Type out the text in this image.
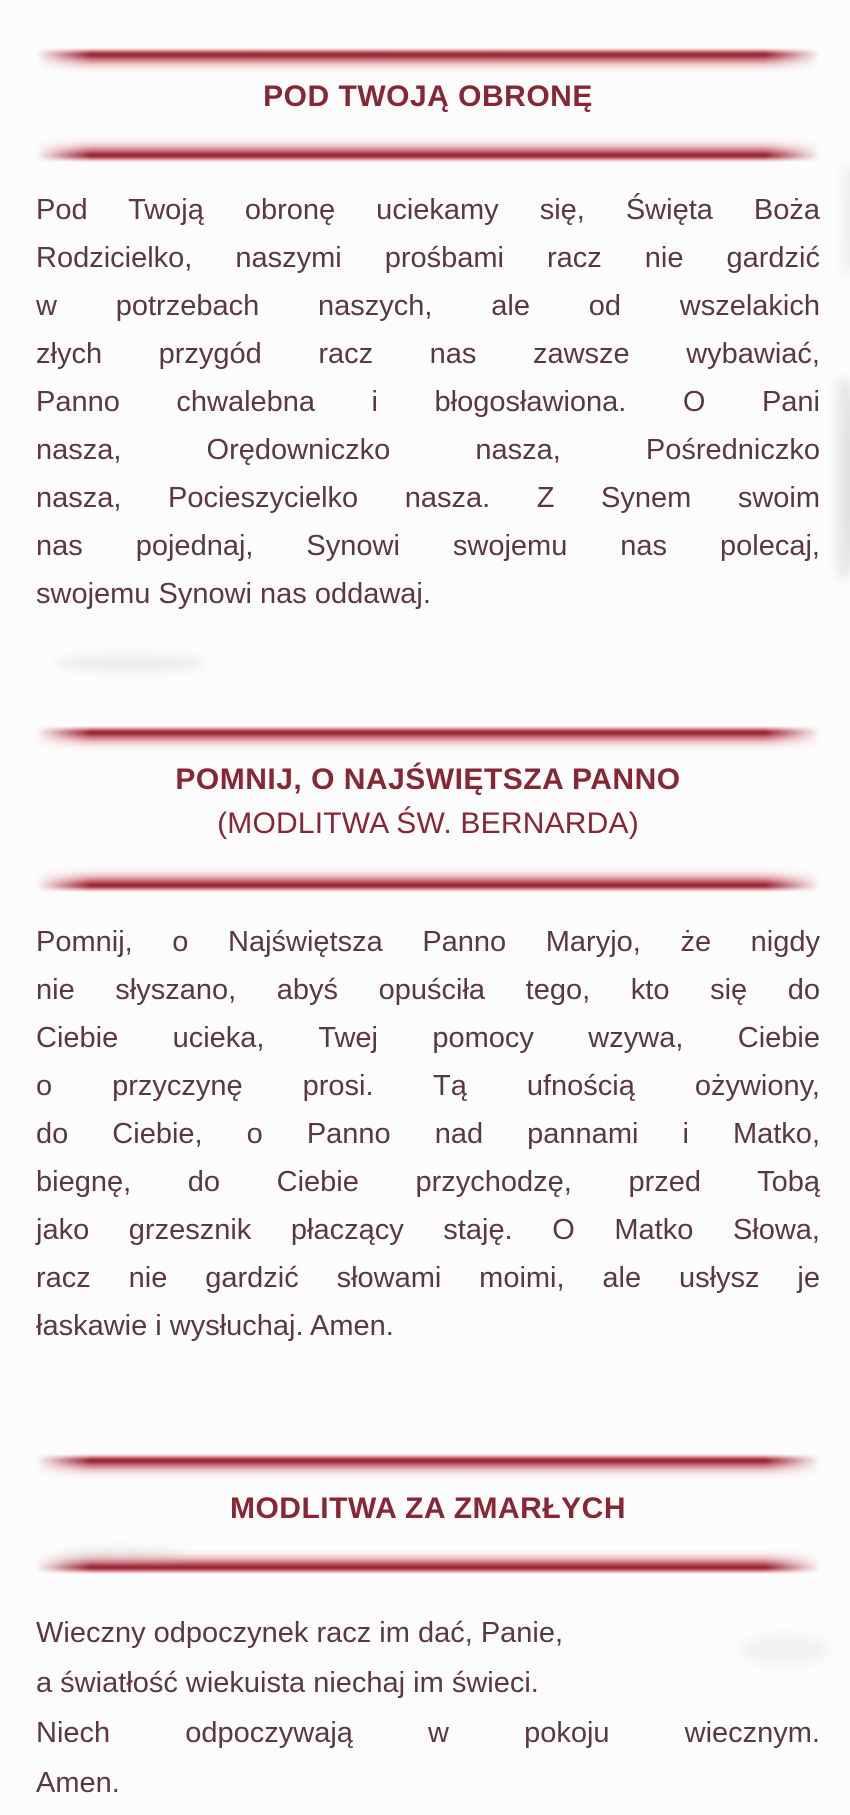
POD TWOJĄ OBRONĘ
Pod Twoją obronę uciekamy się, Święta Boża
Rodzicielko, naszymi prośbami racz nie gardzić
w potrzebach naszych, ale od wszelakich
złych przygód racz nas zawsze wybawiać,
Panno chwalebna i błogosławiona. O Pani
nasza, Orędowniczko nasza, Pośredniczko
nasza, Pocieszycielko nasza. Z Synem swoim
nas pojednaj, Synowi swojemu nas polecaj,
swojemu Synowi nas oddawaj.
POMNIJ, O NAJŚWIĘTSZA PANNO
(MODLITWA ŚW. BERNARDA)
Pomnij, o Najświętsza Panno Maryjo, że nigdy
nie słyszano, abyś opuściła tego, kto się do
Ciebie ucieka, Twej pomocy wzywa, Ciebie
o przyczynę prosi. Tą ufnością ożywiony,
do Ciebie, o Panno nad pannami i Matko,
biegnę, do Ciebie przychodzę, przed Tobą
jako grzesznik płaczący staję. O Matko Słowa,
racz nie gardzić słowami moimi, ale usłysz je
łaskawie i wysłuchaj. Amen.
MODLITWA ZA ZMARŁYCH
Wieczny odpoczynek racz im dać, Panie,
a światłość wiekuista niechaj im świeci.
Niech odpoczywają w pokoju wiecznym.
Amen.
